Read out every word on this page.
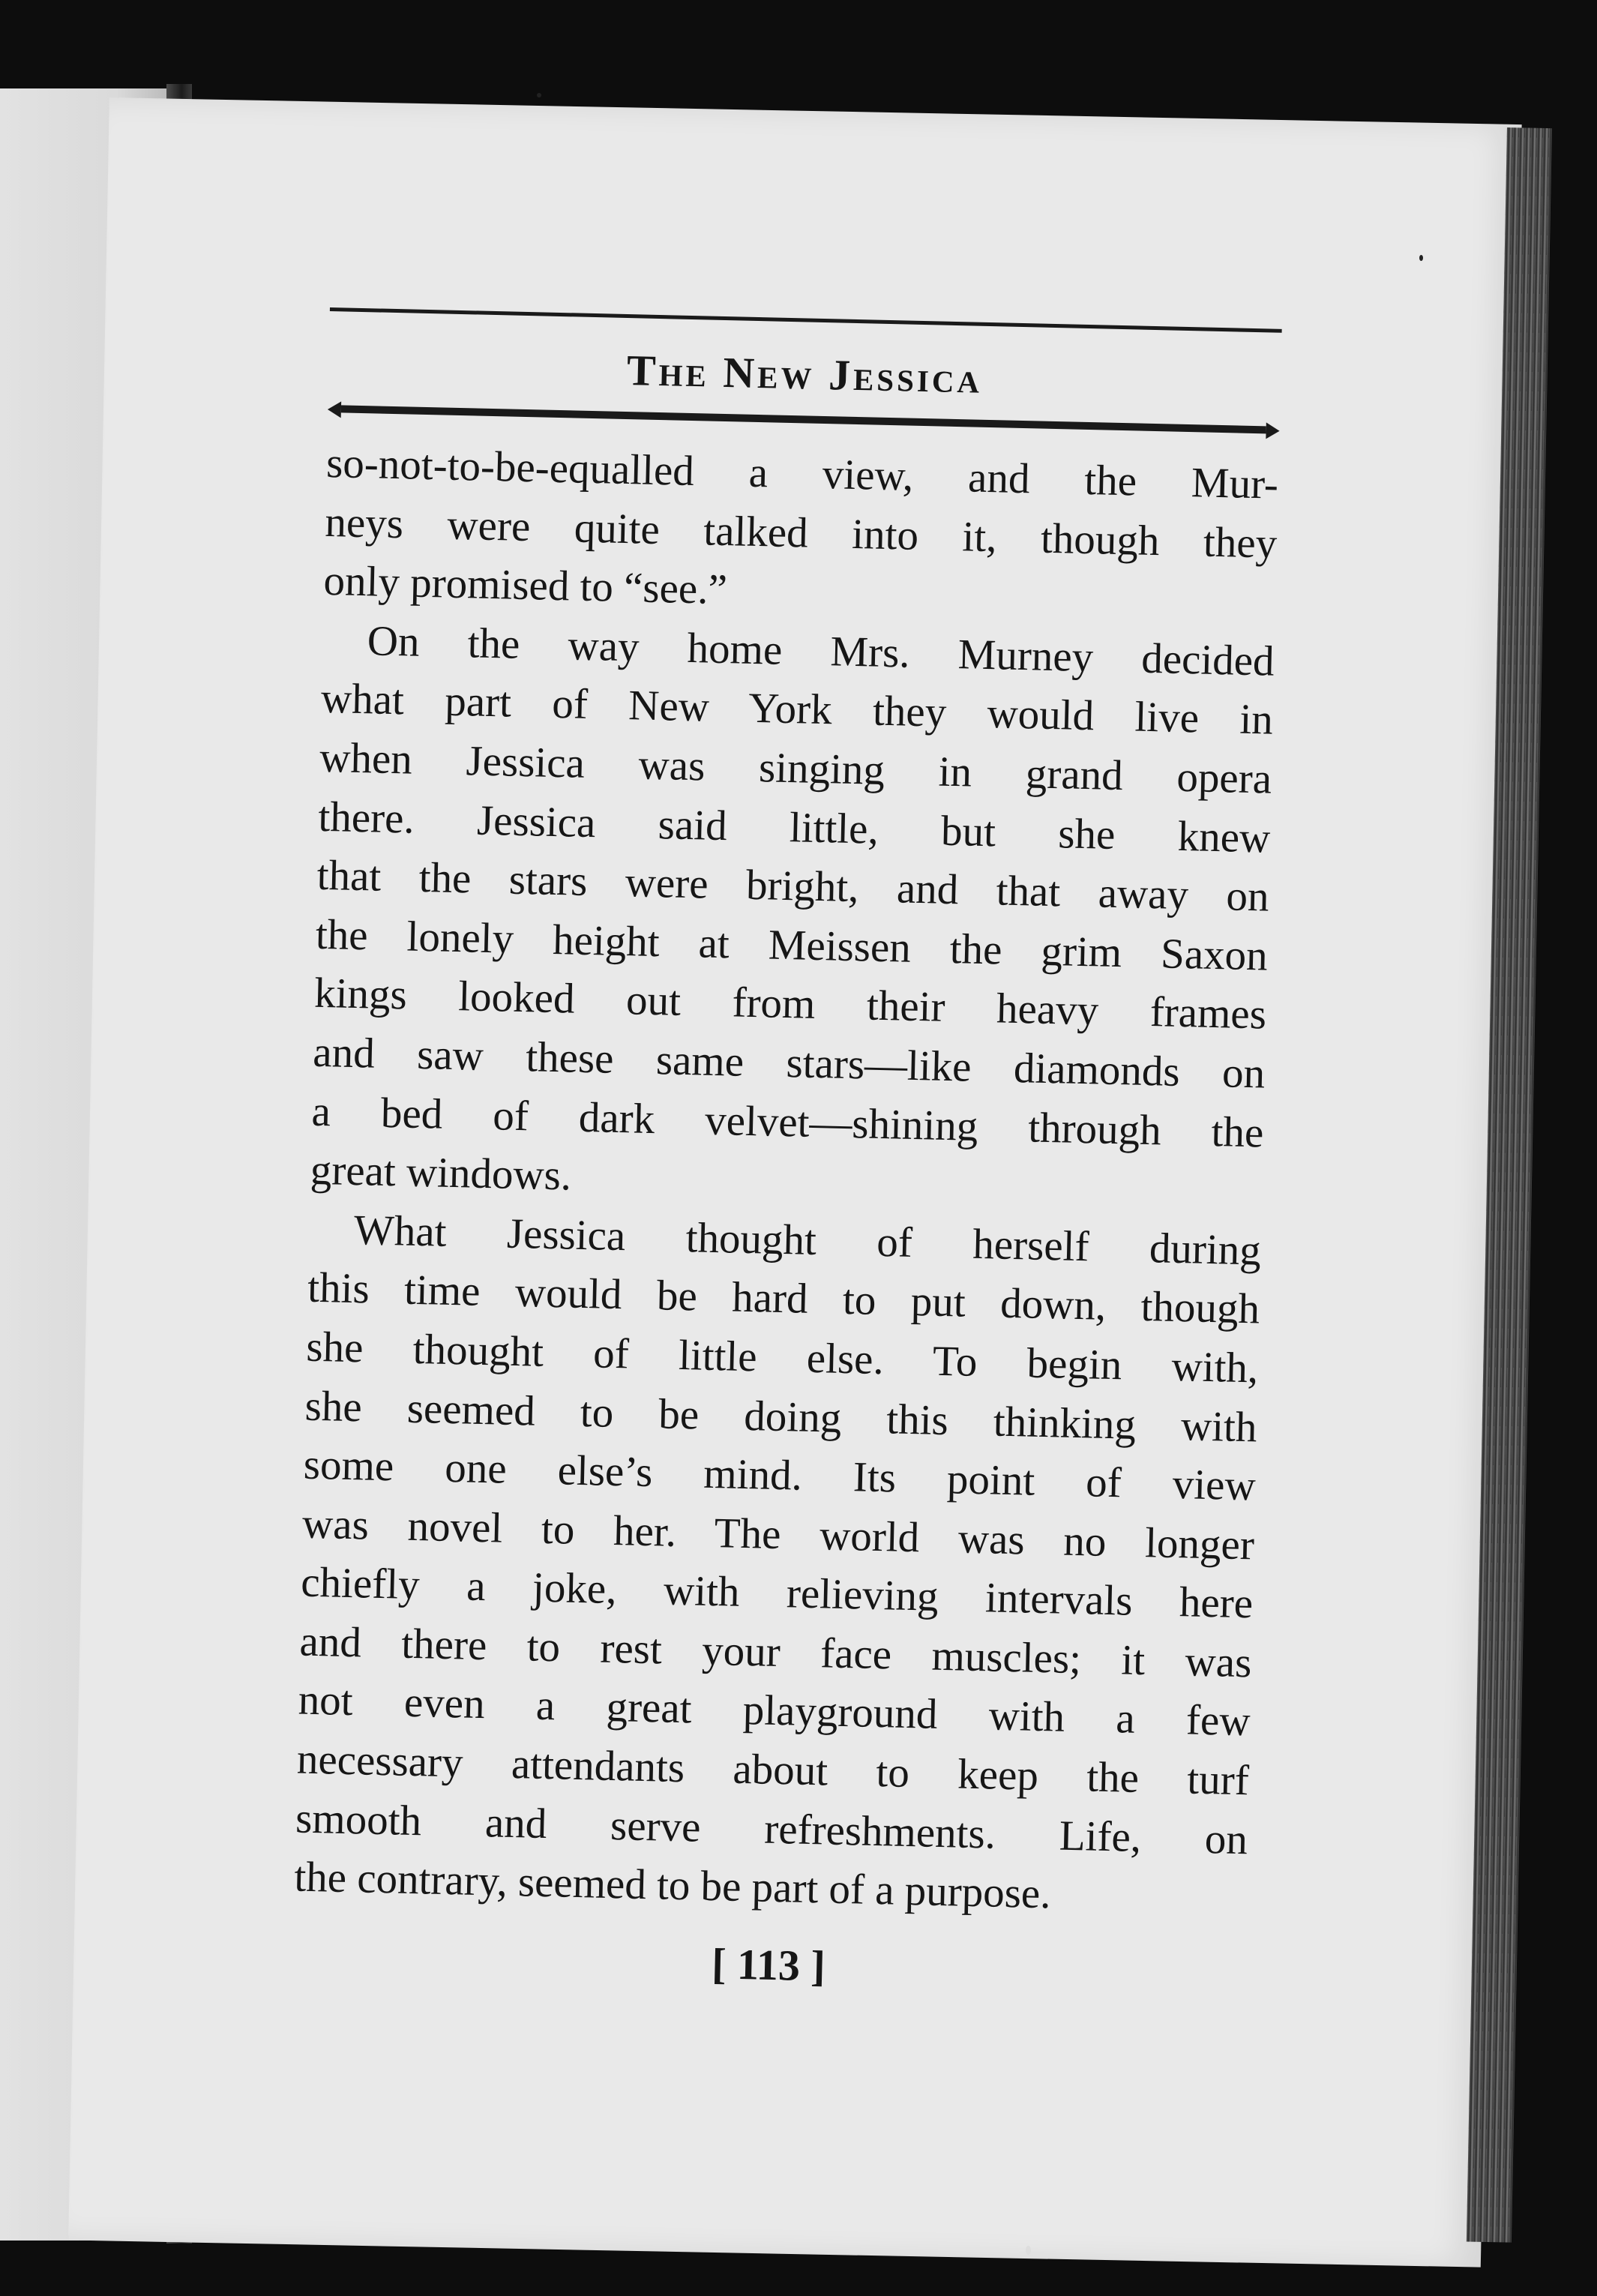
The New Jessica
so-not-to-be-equalled a view, and the Mur-
neys were quite talked into it, though they
only promised to “see.”
On the way home Mrs. Murney decided
what part of New York they would live in
when Jessica was singing in grand opera
there. Jessica said little, but she knew
that the stars were bright, and that away on
the lonely height at Meissen the grim Saxon
kings looked out from their heavy frames
and saw these same stars—like diamonds on
a bed of dark velvet—shining through the
great windows.
What Jessica thought of herself during
this time would be hard to put down, though
she thought of little else. To begin with,
she seemed to be doing this thinking with
some one else’s mind. Its point of view
was novel to her. The world was no longer
chiefly a joke, with relieving intervals here
and there to rest your face muscles; it was
not even a great playground with a few
necessary attendants about to keep the turf
smooth and serve refreshments. Life, on
the contrary, seemed to be part of a purpose.
[ 113 ]
